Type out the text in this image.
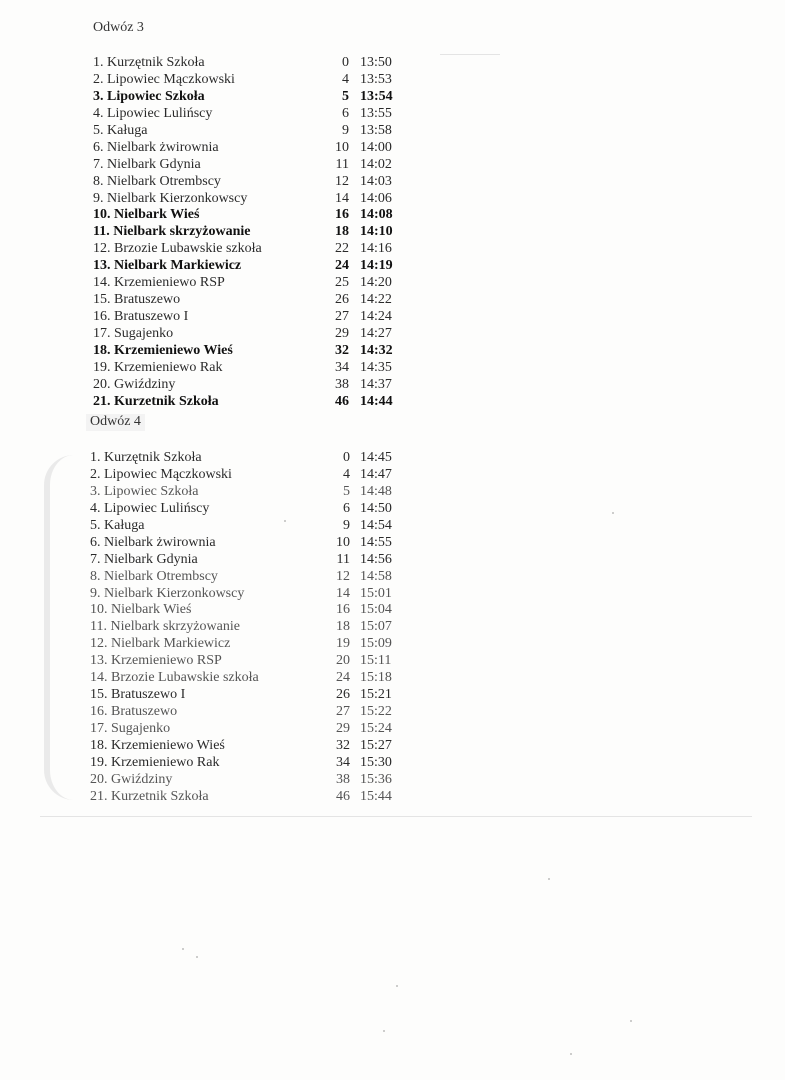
Odwóz 3
1. Kurzętnik Szkoła	0 13:50
2. Lipowiec Mączkowski	4 13:53
3. Lipowiec Szkoła	5 13:54
4. Lipowiec Lulińscy	6 13:55
5. Kaługa	9 13:58
6. Nielbark żwirownia	10 14:00
7. Nielbark Gdynia	11 14:02
8. Nielbark Otrembscy	12 14:03
9. Nielbark Kierzonkowscy	14 14:06
10. Nielbark Wieś	16 14:08
11. Nielbark skrzyżowanie	18 14:10
12. Brzozie Lubawskie szkoła	22 14:16
13. Nielbark Markiewicz	24 14:19
14. Krzemieniewo RSP	25 14:20
15. Bratuszewo	26 14:22
16. Bratuszewo I	27 14:24
17. Sugajenko	29 14:27
18. Krzemieniewo Wieś	32 14:32
19. Krzemieniewo Rak	34 14:35
20. Gwiździny	38 14:37
21. Kurzetnik Szkoła	46 14:44
Odwóz 4
1. Kurzętnik Szkoła	0 14:45
2. Lipowiec Mączkowski	4 14:47
3. Lipowiec Szkoła	5 14:48
4. Lipowiec Lulińscy	6 14:50
5. Kaługa	9 14:54
6. Nielbark żwirownia	10 14:55
7. Nielbark Gdynia	11 14:56
8. Nielbark Otrembscy	12 14:58
9. Nielbark Kierzonkowscy	14 15:01
10. Nielbark Wieś	16 15:04
11. Nielbark skrzyżowanie	18 15:07
12. Nielbark Markiewicz	19 15:09
13. Krzemieniewo RSP	20 15:11
14. Brzozie Lubawskie szkoła	24 15:18
15. Bratuszewo I	26 15:21
16. Bratuszewo	27 15:22
17. Sugajenko	29 15:24
18. Krzemieniewo Wieś	32 15:27
19. Krzemieniewo Rak	34 15:30
20. Gwiździny	38 15:36
21. Kurzetnik Szkoła	46 15:44
